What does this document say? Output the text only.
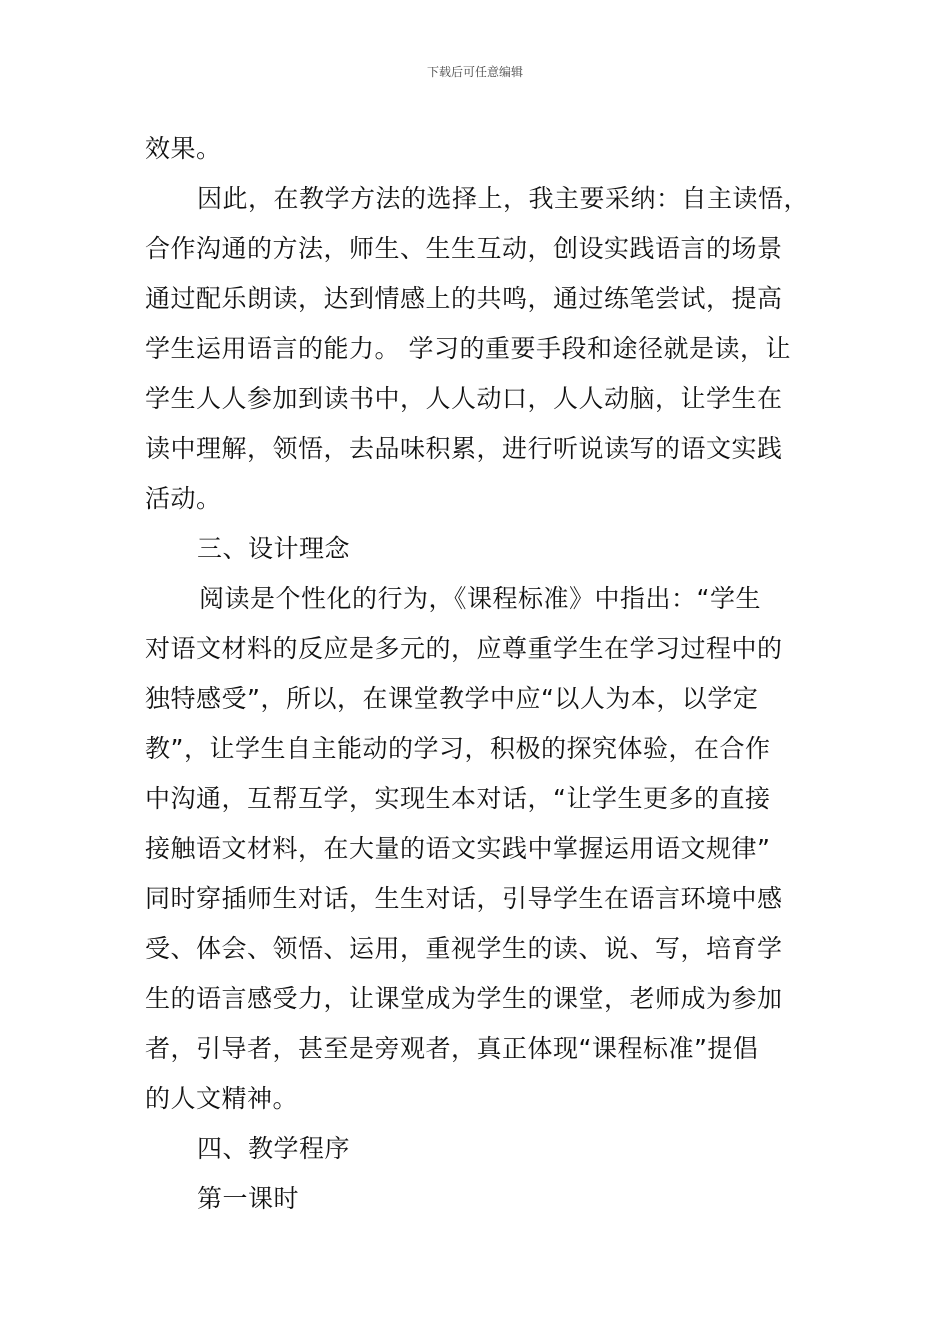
下载后可任意编辑
效果。
因此，在教学方法的选择上，我主要采纳：自主读悟，
合作沟通的方法，师生、生生互动，创设实践语言的场景
通过配乐朗读，达到情感上的共鸣，通过练笔尝试，提高
学生运用语言的能力。 学习的重要手段和途径就是读，让
学生人人参加到读书中，人人动口，人人动脑，让学生在
读中理解，领悟，去品味积累，进行听说读写的语文实践
活动。
三、设计理念
阅读是个性化的行为，《课程标准》中指出：“学生
对语文材料的反应是多元的，应尊重学生在学习过程中的
独特感受”，所以，在课堂教学中应“以人为本，以学定
教”，让学生自主能动的学习，积极的探究体验，在合作
中沟通，互帮互学，实现生本对话，“让学生更多的直接
接触语文材料，在大量的语文实践中掌握运用语文规律”
同时穿插师生对话，生生对话，引导学生在语言环境中感
受、体会、领悟、运用，重视学生的读、说、写，培育学
生的语言感受力，让课堂成为学生的课堂，老师成为参加
者，引导者，甚至是旁观者，真正体现“课程标准”提倡
的人文精神。
四、教学程序
第一课时
